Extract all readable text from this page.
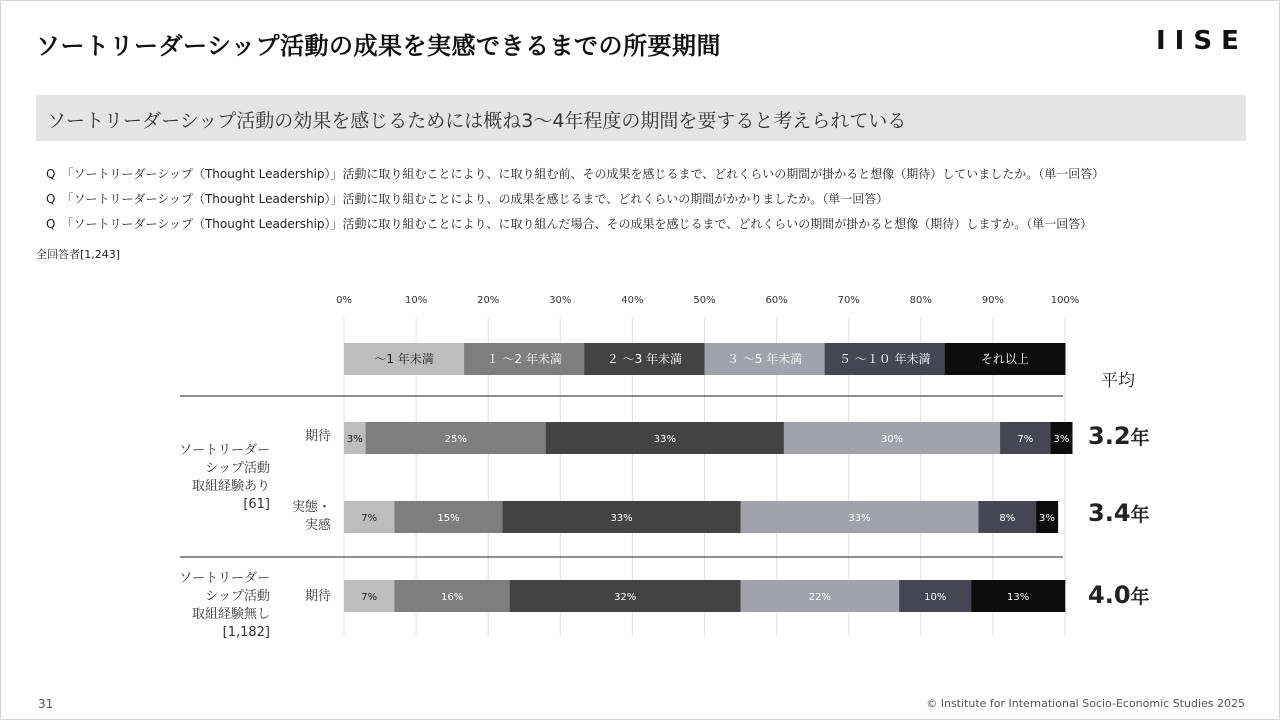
ソートリーダーシップ活動の成果を実感できるまでの所要期間	IISE
ソートリーダーシップ活動の効果を感じるためには概ね3〜4年程度の期間を要すると考えられている
Q　「ソートリーダーシップ（Thought Leadership）」活動に取り組むことにより、に取り組む前、その成果を感じるまで、どれくらいの期間が掛かると想像（期待）していましたか。（単一回答）
Q　「ソートリーダーシップ（Thought Leadership）」活動に取り組むことにより、の成果を感じるまで、どれくらいの期間がかかりましたか。（単一回答）
Q　「ソートリーダーシップ（Thought Leadership）」活動に取り組むことにより、に取り組んだ場合、その成果を感じるまで、どれくらいの期間が掛かると想像（期待）しますか。（単一回答）
全回答者[1,243]
0%	10%	20%	30%	40%	50%	60%	70%	80%	90%	100%
〜1 年未満	１ 〜2 年未満	２ 〜3 年未満	３ 〜5 年未満	５ 〜１０ 年未満	それ以上
3%	25%	33%	30%	7% 3%
7%	15%	33%	33%	8% 3%
7%	16%	32%	22%	10%	13%
平均
ソートリーダー
シップ活動
取組経験あり
[61]
期待
実態・
実感
ソートリーダー
シップ活動
取組経験無し
[1,182]
期待
3.2年
3.4年
4.0年
31	© Institute for International Socio-Economic Studies 2025
